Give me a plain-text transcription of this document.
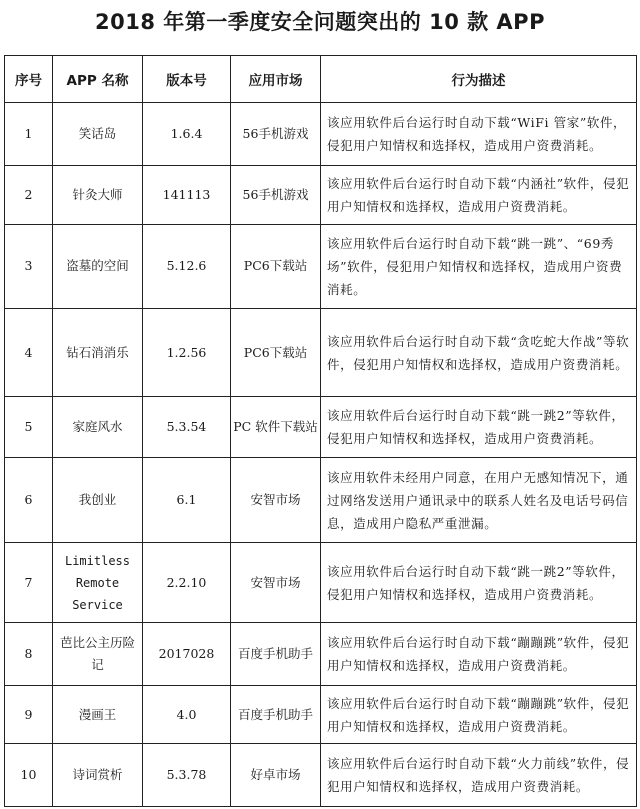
2018 年第一季度安全问题突出的 10 款 APP
序号	APP 名称	版本号	应用市场	行为描述
1	笑话岛	1.6.4	56手机游戏	该应用软件后台运行时自动下载“WiFi 管家”软件，侵犯用户知情权和选择权，造成用户资费消耗。
2	针灸大师	141113	56手机游戏	该应用软件后台运行时自动下载“内涵社”软件，侵犯用户知情权和选择权，造成用户资费消耗。
3	盗墓的空间	5.12.6	PC6下载站	该应用软件后台运行时自动下载“跳一跳”、“69秀场”软件，侵犯用户知情权和选择权，造成用户资费消耗。
4	钻石消消乐	1.2.56	PC6下载站	该应用软件后台运行时自动下载“贪吃蛇大作战”等软件，侵犯用户知情权和选择权，造成用户资费消耗。
5	家庭风水	5.3.54	PC 软件下载站	该应用软件后台运行时自动下载“跳一跳2”等软件，侵犯用户知情权和选择权，造成用户资费消耗。
6	我创业	6.1	安智市场	该应用软件未经用户同意，在用户无感知情况下，通过网络发送用户通讯录中的联系人姓名及电话号码信息，造成用户隐私严重泄漏。
7	Limitless Remote Service	2.2.10	安智市场	该应用软件后台运行时自动下载“跳一跳2”等软件，侵犯用户知情权和选择权，造成用户资费消耗。
8	芭比公主历险记	2017028	百度手机助手	该应用软件后台运行时自动下载“蹦蹦跳”软件，侵犯用户知情权和选择权，造成用户资费消耗。
9	漫画王	4.0	百度手机助手	该应用软件后台运行时自动下载“蹦蹦跳”软件，侵犯用户知情权和选择权，造成用户资费消耗。
10	诗词赏析	5.3.78	好卓市场	该应用软件后台运行时自动下载“火力前线”软件，侵犯用户知情权和选择权，造成用户资费消耗。
